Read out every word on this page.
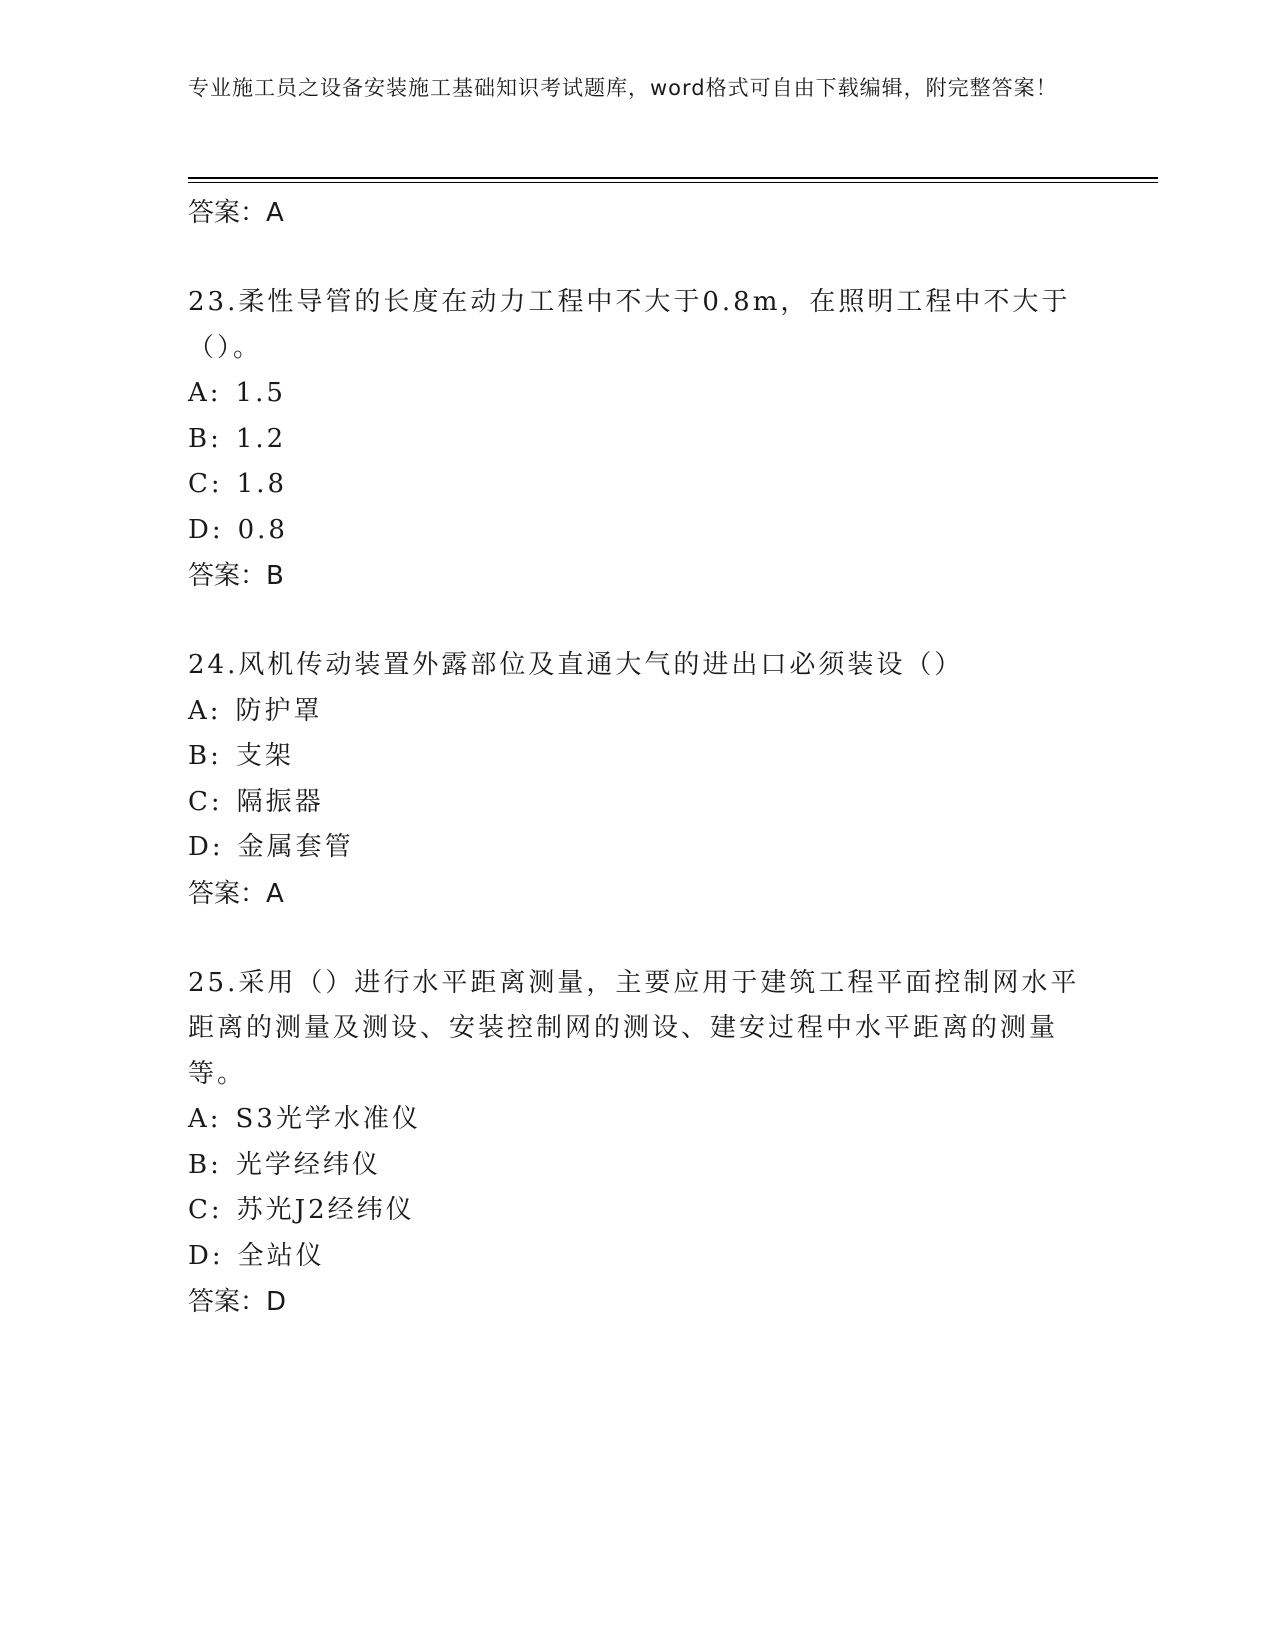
专业施工员之设备安装施工基础知识考试题库，word格式可自由下载编辑，附完整答案！
答案：A
23.柔性导管的长度在动力工程中不大于0.8m，在照明工程中不大于（）。
A: 1.5
B: 1.2
C: 1.8
D: 0.8
答案：B
24.风机传动装置外露部位及直通大气的进出口必须装设（）
A: 防护罩
B: 支架
C: 隔振器
D: 金属套管
答案：A
25.采用（）进行水平距离测量，主要应用于建筑工程平面控制网水平距离的测量及测设、安装控制网的测设、建安过程中水平距离的测量等。
A: S3光学水准仪
B: 光学经纬仪
C: 苏光J2经纬仪
D: 全站仪
答案：D
